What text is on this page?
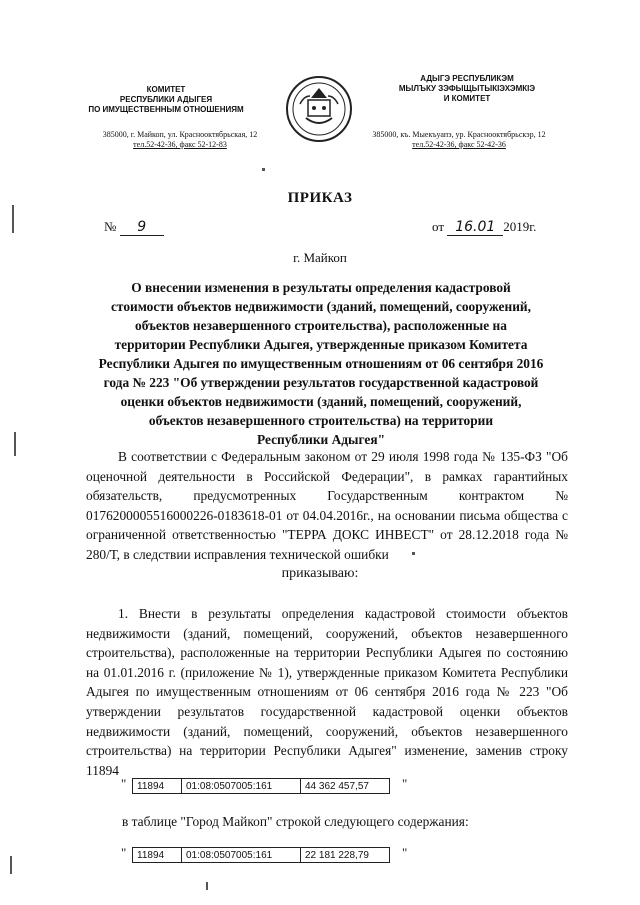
КОМИТЕТ
РЕСПУБЛИКИ АДЫГЕЯ
ПО ИМУЩЕСТВЕННЫМ ОТНОШЕНИЯМ
АДЫГЭ РЕСПУБЛИКЭМ
МЫЛЪКУ ЗЭФЫЩЫТЫКІЭХЭМКІЭ
И КОМИТЕТ
385000, г. Майкоп, ул. Краснооктябрьская, 12
тел.52-42-36, факс 52-12-83
385000, къ. Мыекъуапэ, ур. Краснооктябрьскэр, 12
тел.52-42-36, факс 52-42-36
ПРИКАЗ
№ 9	от 16.01 2019г.
г. Майкоп
О внесении изменения в результаты определения кадастровой
стоимости объектов недвижимости (зданий, помещений, сооружений,
объектов незавершенного строительства), расположенные на
территории Республики Адыгея, утвержденные приказом Комитета
Республики Адыгея по имущественным отношениям от 06 сентября 2016
года № 223 "Об утверждении результатов государственной кадастровой
оценки объектов недвижимости (зданий, помещений, сооружений,
объектов незавершенного строительства) на территории
Республики Адыгея"
В соответствии с Федеральным законом от 29 июля 1998 года № 135-ФЗ "Об оценочной деятельности в Российской Федерации", в рамках гарантийных обязательств, предусмотренных Государственным контрактом № 0176200005516000226-0183618-01 от 04.04.2016г., на основании письма общества с ограниченной ответственностью "ТЕРРА ДОКС ИНВЕСТ" от 28.12.2018 года № 280/Т, в следствии исправления технической ошибки
приказываю:
1. Внести в результаты определения кадастровой стоимости объектов недвижимости (зданий, помещений, сооружений, объектов незавершенного строительства), расположенные на территории Республики Адыгея по состоянию на 01.01.2016 г. (приложение № 1), утвержденные приказом Комитета Республики Адыгея по имущественным отношениям от 06 сентября 2016 года № 223 "Об утверждении результатов государственной кадастровой оценки объектов недвижимости (зданий, помещений, сооружений, объектов незавершенного строительства) на территории Республики Адыгея" изменение, заменив строку 11894
" 11894	01:08:0507005:161	44 362 457,57	"
в таблице "Город Майкоп" строкой следующего содержания:
" 11894	01:08:0507005:161	22 181 228,79	"
